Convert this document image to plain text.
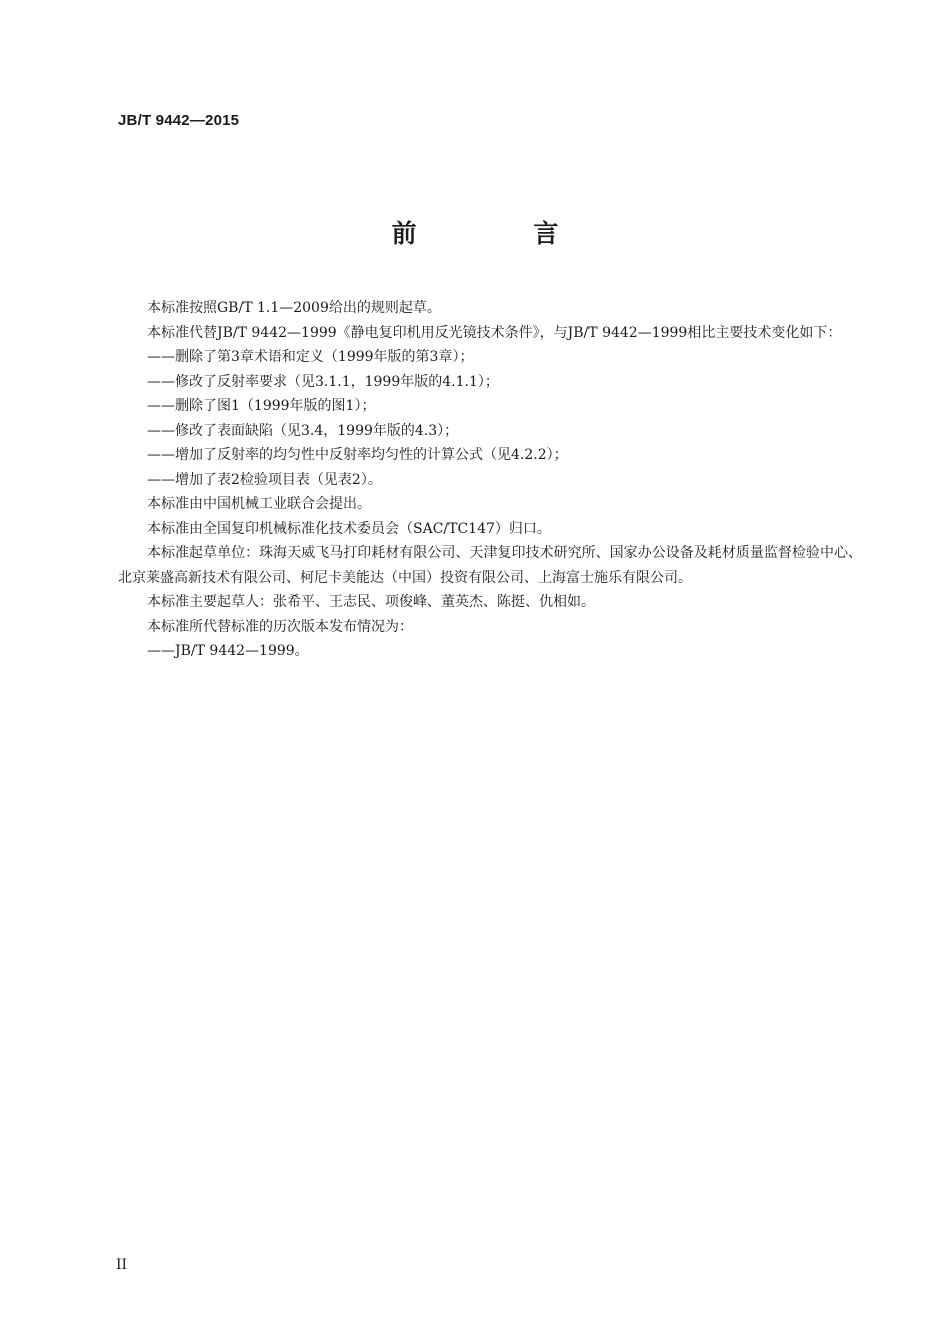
JB/T 9442—2015
前 言

本标准按照GB/T 1.1—2009给出的规则起草。

本标准代替JB/T 9442—1999《静电复印机用反光镜技术条件》，与JB/T 9442—1999相比主要技术变化如下：

——删除了第3章术语和定义（1999年版的第3章）；

——修改了反射率要求（见3.1.1，1999年版的4.1.1）；

——删除了图1（1999年版的图1）；

——修改了表面缺陷（见3.4，1999年版的4.3）；

——增加了反射率的均匀性中反射率均匀性的计算公式（见4.2.2）；

——增加了表2检验项目表（见表2）。

本标准由中国机械工业联合会提出。

本标准由全国复印机械标准化技术委员会（SAC/TC147）归口。

本标准起草单位：珠海天威飞马打印耗材有限公司、天津复印技术研究所、国家办公设备及耗材质量监督检验中心、北京莱盛高新技术有限公司、柯尼卡美能达（中国）投资有限公司、上海富士施乐有限公司。

本标准主要起草人：张希平、王志民、项俊峰、董英杰、陈挺、仇相如。

本标准所代替标准的历次版本发布情况为：

——JB/T 9442—1999。

II
